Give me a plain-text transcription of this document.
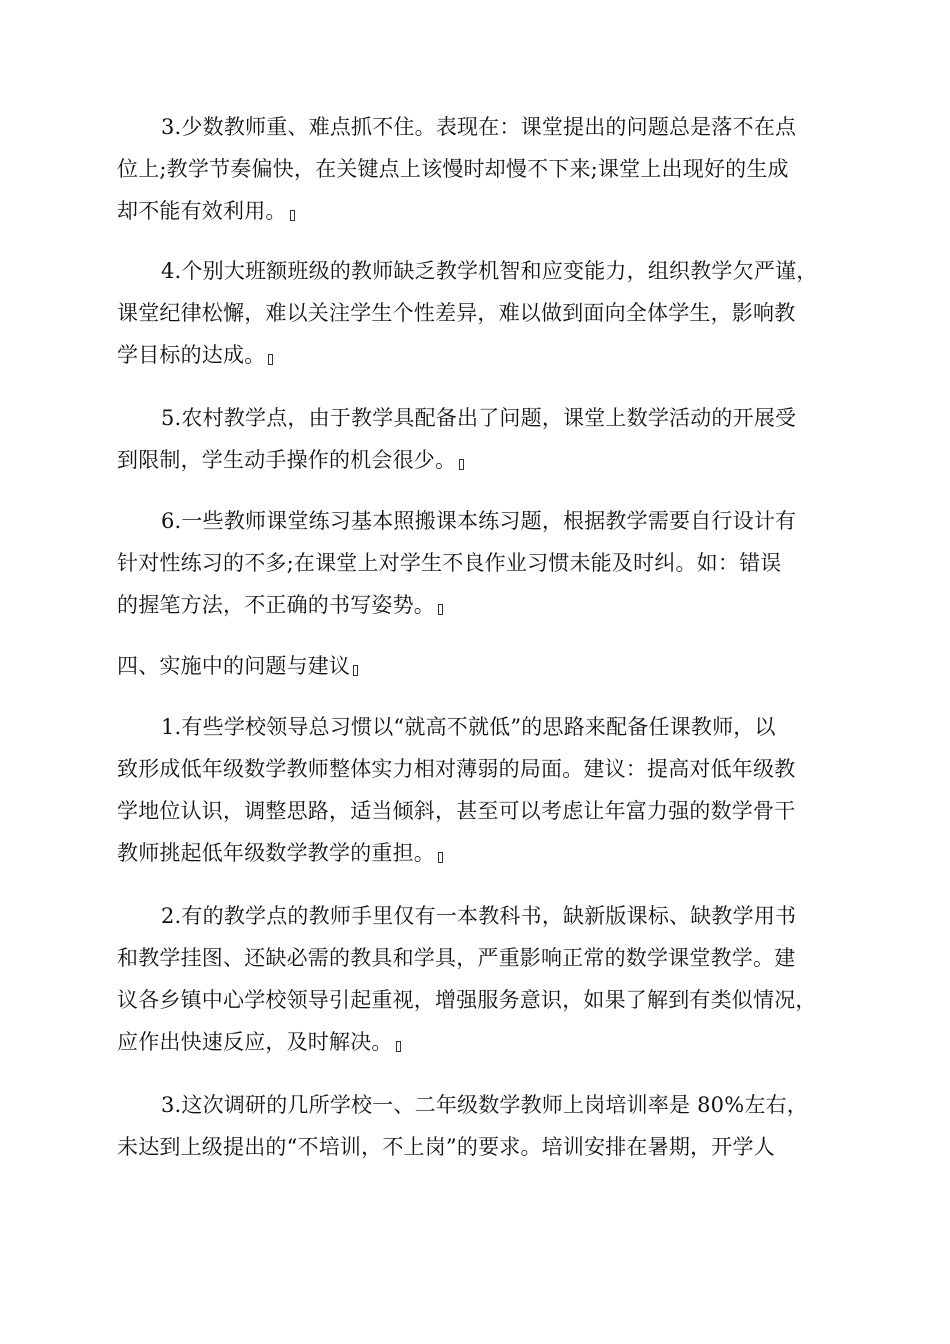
3.少数教师重、难点抓不住。表现在：课堂提出的问题总是落不在点
位上;教学节奏偏快，在关键点上该慢时却慢不下来;课堂上出现好的生成
却不能有效利用。
4.个别大班额班级的教师缺乏教学机智和应变能力，组织教学欠严谨，
课堂纪律松懈，难以关注学生个性差异，难以做到面向全体学生，影响教
学目标的达成。
5.农村教学点，由于教学具配备出了问题，课堂上数学活动的开展受
到限制，学生动手操作的机会很少。
6.一些教师课堂练习基本照搬课本练习题，根据教学需要自行设计有
针对性练习的不多;在课堂上对学生不良作业习惯未能及时纠。如：错误
的握笔方法，不正确的书写姿势。
四、实施中的问题与建议
1.有些学校领导总习惯以“就高不就低”的思路来配备任课教师，以
致形成低年级数学教师整体实力相对薄弱的局面。建议：提高对低年级教
学地位认识，调整思路，适当倾斜，甚至可以考虑让年富力强的数学骨干
教师挑起低年级数学教学的重担。
2.有的教学点的教师手里仅有一本教科书，缺新版课标、缺教学用书
和教学挂图、还缺必需的教具和学具，严重影响正常的数学课堂教学。建
议各乡镇中心学校领导引起重视，增强服务意识，如果了解到有类似情况，
应作出快速反应，及时解决。
3.这次调研的几所学校一、二年级数学教师上岗培训率是 80%左右，
未达到上级提出的“不培训，不上岗”的要求。培训安排在暑期，开学人
